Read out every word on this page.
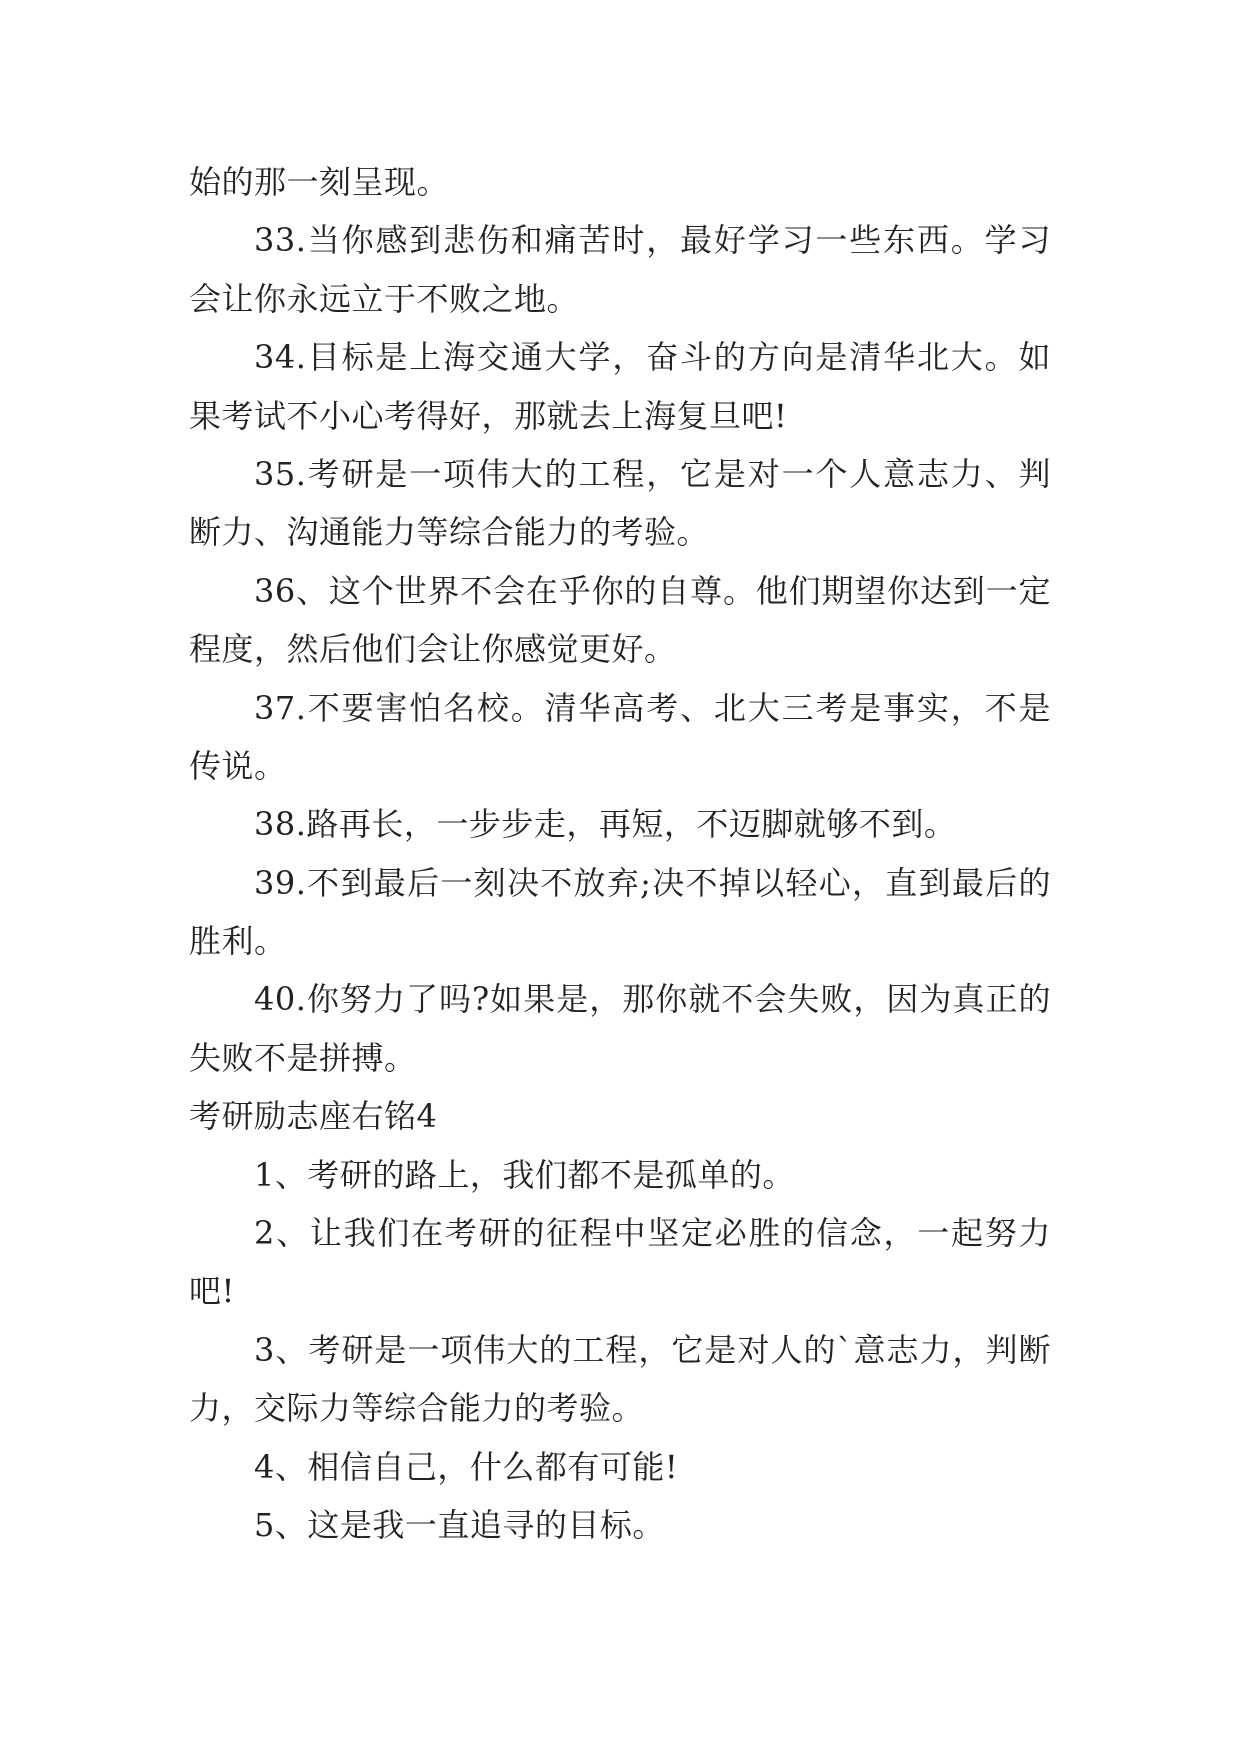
始的那一刻呈现。
33.当你感到悲伤和痛苦时，最好学习一些东西。学习
会让你永远立于不败之地。
34.目标是上海交通大学，奋斗的方向是清华北大。如
果考试不小心考得好，那就去上海复旦吧!
35.考研是一项伟大的工程，它是对一个人意志力、判
断力、沟通能力等综合能力的考验。
36、这个世界不会在乎你的自尊。他们期望你达到一定
程度，然后他们会让你感觉更好。
37.不要害怕名校。清华高考、北大三考是事实，不是
传说。
38.路再长，一步步走，再短，不迈脚就够不到。
39.不到最后一刻决不放弃;决不掉以轻心，直到最后的
胜利。
40.你努力了吗?如果是，那你就不会失败，因为真正的
失败不是拼搏。
考研励志座右铭4
1、考研的路上，我们都不是孤单的。
2、让我们在考研的征程中坚定必胜的信念，一起努力
吧!
3、考研是一项伟大的工程，它是对人的`意志力，判断
力，交际力等综合能力的考验。
4、相信自己，什么都有可能!
5、这是我一直追寻的目标。
